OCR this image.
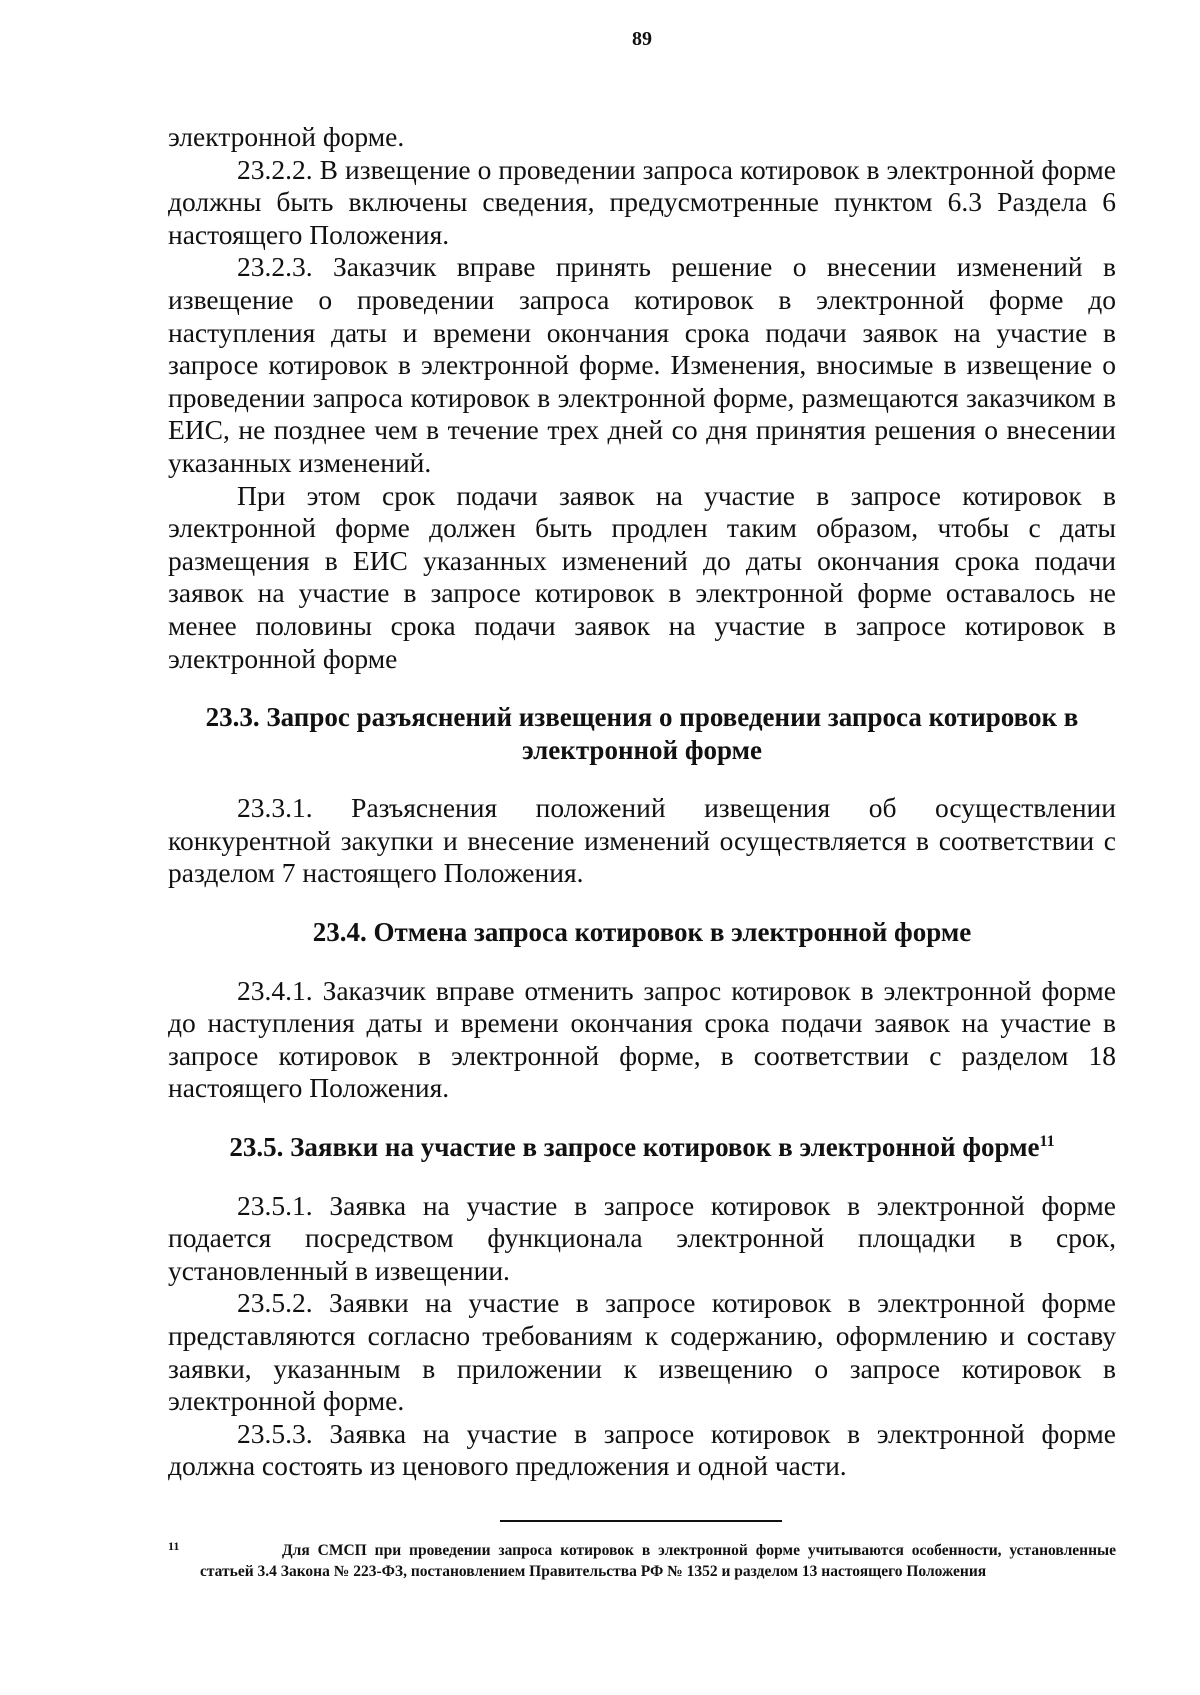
89

электронной форме.

23.2.2. В извещение о проведении запроса котировок в электронной форме должны быть включены сведения, предусмотренные пунктом 6.3 Раздела 6 настоящего Положения.

23.2.3. Заказчик вправе принять решение о внесении изменений в извещение о проведении запроса котировок в электронной форме до наступления даты и времени окончания срока подачи заявок на участие в запросе котировок в электронной форме. Изменения, вносимые в извещение о проведении запроса котировок в электронной форме, размещаются заказчиком в ЕИС, не позднее чем в течение трех дней со дня принятия решения о внесении указанных изменений.

При этом срок подачи заявок на участие в запросе котировок в электронной форме должен быть продлен таким образом, чтобы с даты размещения в ЕИС указанных изменений до даты окончания срока подачи заявок на участие в запросе котировок в электронной форме оставалось не менее половины срока подачи заявок на участие в запросе котировок в электронной форме

23.3. Запрос разъяснений извещения о проведении запроса котировок в электронной форме

23.3.1. Разъяснения положений извещения об осуществлении конкурентной закупки и внесение изменений осуществляется в соответствии с разделом 7 настоящего Положения.

23.4. Отмена запроса котировок в электронной форме

23.4.1. Заказчик вправе отменить запрос котировок в электронной форме до наступления даты и времени окончания срока подачи заявок на участие в запросе котировок в электронной форме, в соответствии с разделом 18 настоящего Положения.

23.5. Заявки на участие в запросе котировок в электронной форме$^{11}$

23.5.1. Заявка на участие в запросе котировок в электронной форме подается посредством функционала электронной площадки в срок, установленный в извещении.

23.5.2. Заявки на участие в запросе котировок в электронной форме представляются согласно требованиям к содержанию, оформлению и составу заявки, указанным в приложении к извещению о запросе котировок в электронной форме.

23.5.3. Заявка на участие в запросе котировок в электронной форме должна состоять из ценового предложения и одной части.

11	Для СМСП при проведении запроса котировок в электронной форме учитываются особенности, установленные статьей 3.4 Закона № 223-ФЗ, постановлением Правительства РФ № 1352 и разделом 13 настоящего Положения
